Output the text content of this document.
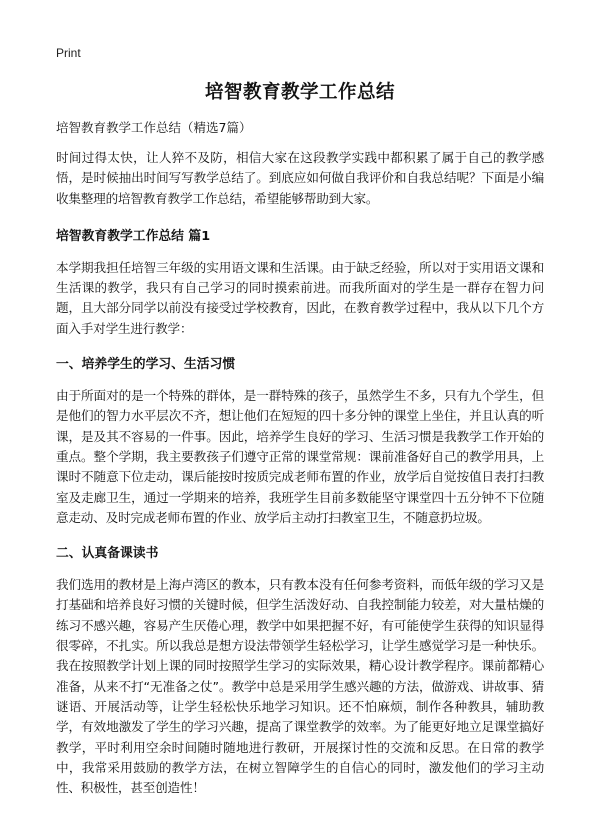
Print
培智教育教学工作总结
培智教育教学工作总结（精选7篇）

时间过得太快，让人猝不及防，相信大家在这段教学实践中都积累了属于自己的教学感悟，是时候抽出时间写写教学总结了。到底应如何做自我评价和自我总结呢？下面是小编收集整理的培智教育教学工作总结，希望能够帮助到大家。

培智教育教学工作总结 篇1

本学期我担任培智三年级的实用语文课和生活课。由于缺乏经验，所以对于实用语文课和生活课的教学，我只有自己学习的同时摸索前进。而我所面对的学生是一群存在智力问题，且大部分同学以前没有接受过学校教育，因此，在教育教学过程中，我从以下几个方面入手对学生进行教学：

一、培养学生的学习、生活习惯

由于所面对的是一个特殊的群体，是一群特殊的孩子，虽然学生不多，只有九个学生，但是他们的智力水平层次不齐，想让他们在短短的四十多分钟的课堂上坐住，并且认真的听课，是及其不容易的一件事。因此，培养学生良好的学习、生活习惯是我教学工作开始的重点。整个学期，我主要教孩子们遵守正常的课堂常规：课前准备好自己的教学用具，上课时不随意下位走动，课后能按时按质完成老师布置的作业，放学后自觉按值日表打扫教室及走廊卫生，通过一学期来的培养，我班学生目前多数能坚守课堂四十五分钟不下位随意走动、及时完成老师布置的作业、放学后主动打扫教室卫生，不随意扔垃圾。

二、认真备课读书

我们选用的教材是上海卢湾区的教本，只有教本没有任何参考资料，而低年级的学习又是打基础和培养良好习惯的关键时候，但学生活泼好动、自我控制能力较差，对大量枯燥的练习不感兴趣，容易产生厌倦心理，教学中如果把握不好，有可能使学生获得的知识显得很零碎，不扎实。所以我总是想方设法带领学生轻松学习，让学生感觉学习是一种快乐。我在按照教学计划上课的同时按照学生学习的实际效果，精心设计教学程序。课前都精心准备，从来不打“无准备之仗”。教学中总是采用学生感兴趣的方法，做游戏、讲故事、猜谜语、开展活动等，让学生轻松快乐地学习知识。还不怕麻烦，制作各种教具，辅助教学，有效地激发了学生的学习兴趣，提高了课堂教学的效率。为了能更好地立足课堂搞好教学，平时利用空余时间随时随地进行教研，开展探讨性的交流和反思。在日常的教学中，我常采用鼓励的教学方法，在树立智障学生的自信心的同时，激发他们的学习主动性、积极性，甚至创造性！
